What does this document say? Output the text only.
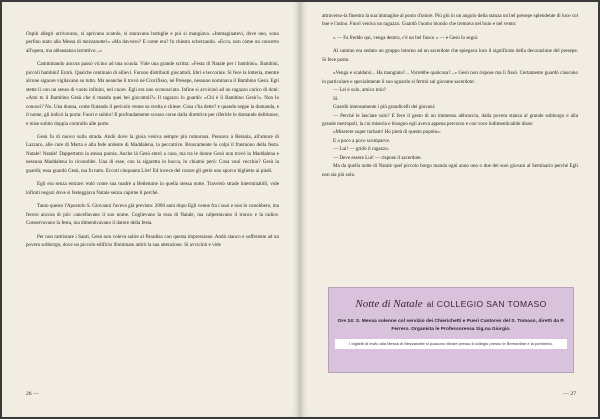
Ospiti allegri arrivavano, si aprivano scatole, si sturavano bottiglie e poi si mangiava. «Immaginatevi, dove uno, sono perfino stato alla Messa di mezzanotte!» «Ma davvero? E come era? fu chiesto scherzando. «Ecco, non come un concerto all'opera, ma abbastanza istruttivo...»

Camminando ancora passò vicino ad una scuola. Vide una grande scritta: «Festa di Natale per i bambini». Bambini, piccoli bambini! Entrò. Qualche centinaio di allievi. Furono distribuiti giocattoli, libri e leccornie. Si fece la lotteria, mentre alcune signore vigilavano su tutto. Ma neanche lì trovò né Crocifisso, né Presepe, nessuno nominava il Bambino Gesù. Egli stette lì con un senso di vuoto infinito, nel cuore. Egli era uno sconosciuto. Infine si avvicinò ad un ragazzo carico di doni: «Ami tu il Bambino Gesù che ti manda quei bei giocattoli?» Il ragazzo lo guardò: «Chi è il Bambino Gesù?». Non lo conosci? No. Una donna, come fiutando il pericolo venne su svelta e chiese: Cosa c'ha detto? e quando seppe la domanda, e il nome, gli indicò la porta: Fuori e subito! Il profondamente scosso corse dalla direttrice per riferirle le domande delittuose, e mise subito doppia controllo alle porte.

Gesù fu di nuovo sulla strada. Andò dove la gioia veniva sempre più rumorosa. Pensava a Betania, all'amore di Lazzaro, alle cure di Marta e alla fede ardente di Maddalena, la peccatrice. Bruscamente lo colpì il frastuono della festa. Natale! Natale! Dappertutto la stessa parola. Anche là Gesù entrò a caso, ma tra le donne Gesù non trovò la Maddalena e nessuna Maddalena lo riconobbe. Una di esse, con la sigaretta in bocca, lo chiamò però: Cosa vuoi vecchio? Gesù la guardò; essa guardò Gesù, ma fu tutto. Eccoti cinquanta Lire! Ed invece del curare gli gettò uno sporco biglietto ai piedi.

Egli era senza entrare: entò come sua madre a Betlemme in quella stessa notte. Traversò strade interminabili, vide infiniti negozi dove si festeggiava Natale senza capirne il perché.

Tanto questo l'Apostolo S. Giovanni l'aveva già previsto: 2000 anni dopo Egli venne fra i suoi e non lo conobbero, ma fecero ancora di più: cancellavano il suo nome. Coglievano la rosa di Natale, ma calpestavano il tronco e la radice. Conservavano la festa, ma dimenticavano il datore della festa.

Per non rattristare i Santi, Gesù non voleva salire al Paradiso con questa impressione. Andò stanco e sofferente ad un povero sobborgo, dove un piccolo edificio illuminato attirò la sua attenzione. Si avvicinò e vide

26 —

attraverso-la finestra la sua immagine al posto d'onore. Più giù in un angolo della stanza un bel presepe splendente di luce col bue e l'asino. Fuori veniva un ragazzo. Guardò l'uomo biondo che tremava nel buio e nel vento:

« — Fa freddo qui, venga dentro, c'è un bel fuoco » — e Gesù lo seguì.

Al camino era seduto un gruppo intorno ad un sacerdote che spiegava loro il significato della decorazione del presepe. Si fece posto.

«Venga e scaldarsi... Ha mangiato?... Vorrebbe qualcosa?...» Gesù non rispose ma li fissò. Certamente guardò ciascuno in particolare e specialmente il suo sguardo si fermò sul giovane sacerdote:

— Lei è solo, amico mio?

Sì.

Guardò intensamente i più grandicelli dei giovani:

— Perché le lasciate solo? E fece il gesto di un immenso abbraccio, dalla povera stanza al grande sobborgo e alla grande metropoli, la cui miseria e bisogno egli aveva appena percorso e con voce indimenticabile disse:

«Miserere super turbam! Ho pietà di questo popolo».

E a poco a poco scomparve.

— Lui! — gridò il ragazzo.

— Deve essere Lui! — rispose il sacerdote.

Ma da quella notte di Natale quel piccolo borgo manda ogni anno uno o due dei suoi giovani al Seminario perché Egli non sia più solo.

Notte di Natale al COLLEGIO SAN TOMASO
Ore 24: S. Messa solenne col servizio dei Chierichetti e Pueri Cantores del S. Tomaso, diretti da P. Ferrero. Organista le Professoressa Sig.na Giorgio.
I biglietti di invito alla Messa di Mezzanotte si possono ritirare presso il collegio presso le Bernardine e la portineria.
— 27
